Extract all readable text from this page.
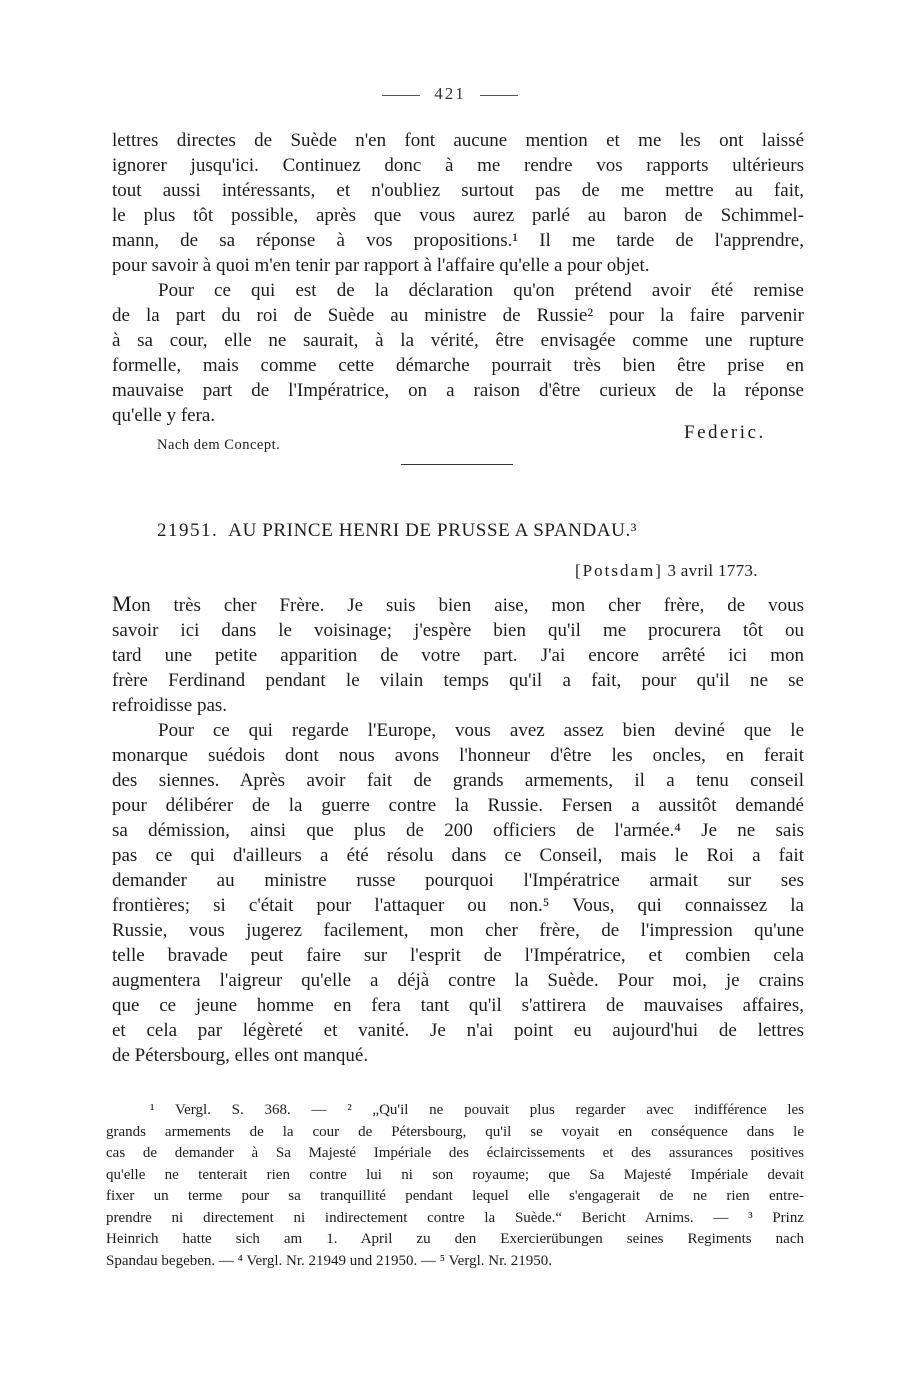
421
lettres directes de Suède n'en font aucune mention et me les ont laissé
ignorer jusqu'ici. Continuez donc à me rendre vos rapports ultérieurs
tout aussi intéressants, et n'oubliez surtout pas de me mettre au fait,
le plus tôt possible, après que vous aurez parlé au baron de Schimmel-
mann, de sa réponse à vos propositions.¹ Il me tarde de l'apprendre,
pour savoir à quoi m'en tenir par rapport à l'affaire qu'elle a pour objet.
Pour ce qui est de la déclaration qu'on prétend avoir été remise
de la part du roi de Suède au ministre de Russie² pour la faire parvenir
à sa cour, elle ne saurait, à la vérité, être envisagée comme une rupture
formelle, mais comme cette démarche pourrait très bien être prise en
mauvaise part de l'Impératrice, on a raison d'être curieux de la réponse
qu'elle y fera.
Federic.
Nach dem Concept.
21951. AU PRINCE HENRI DE PRUSSE A SPANDAU.³
[Potsdam] 3 avril 1773.
Mon très cher Frère. Je suis bien aise, mon cher frère, de vous
savoir ici dans le voisinage; j'espère bien qu'il me procurera tôt ou
tard une petite apparition de votre part. J'ai encore arrêté ici mon
frère Ferdinand pendant le vilain temps qu'il a fait, pour qu'il ne se
refroidisse pas.
Pour ce qui regarde l'Europe, vous avez assez bien deviné que le
monarque suédois dont nous avons l'honneur d'être les oncles, en ferait
des siennes. Après avoir fait de grands armements, il a tenu conseil
pour délibérer de la guerre contre la Russie. Fersen a aussitôt demandé
sa démission, ainsi que plus de 200 officiers de l'armée.⁴ Je ne sais
pas ce qui d'ailleurs a été résolu dans ce Conseil, mais le Roi a fait
demander au ministre russe pourquoi l'Impératrice armait sur ses
frontières; si c'était pour l'attaquer ou non.⁵ Vous, qui connaissez la
Russie, vous jugerez facilement, mon cher frère, de l'impression qu'une
telle bravade peut faire sur l'esprit de l'Impératrice, et combien cela
augmentera l'aigreur qu'elle a déjà contre la Suède. Pour moi, je crains
que ce jeune homme en fera tant qu'il s'attirera de mauvaises affaires,
et cela par légèreté et vanité. Je n'ai point eu aujourd'hui de lettres
de Pétersbourg, elles ont manqué.
¹ Vergl. S. 368. — ² „Qu'il ne pouvait plus regarder avec indifférence les
grands armements de la cour de Pétersbourg, qu'il se voyait en conséquence dans le
cas de demander à Sa Majesté Impériale des éclaircissements et des assurances positives
qu'elle ne tenterait rien contre lui ni son royaume; que Sa Majesté Impériale devait
fixer un terme pour sa tranquillité pendant lequel elle s'engagerait de ne rien entre-
prendre ni directement ni indirectement contre la Suède.“ Bericht Arnims. — ³ Prinz
Heinrich hatte sich am 1. April zu den Exercierübungen seines Regiments nach
Spandau begeben. — ⁴ Vergl. Nr. 21949 und 21950. — ⁵ Vergl. Nr. 21950.
